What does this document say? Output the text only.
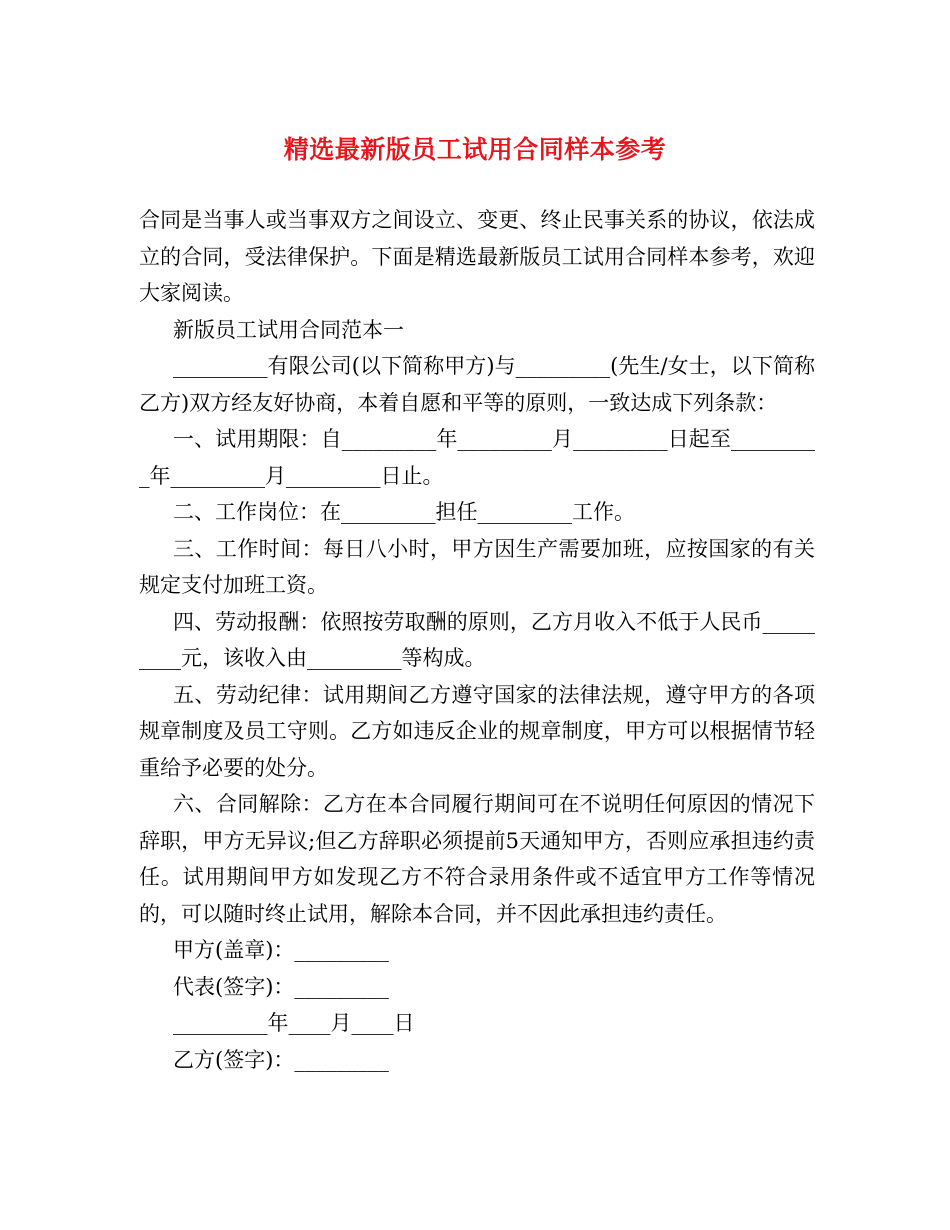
精选最新版员工试用合同样本参考

合同是当事人或当事双方之间设立、变更、终止民事关系的协议，依法成立的合同，受法律保护。下面是精选最新版员工试用合同样本参考，欢迎大家阅读。

新版员工试用合同范本一

_________有限公司(以下简称甲方)与_________(先生/女士，以下简称乙方)双方经友好协商，本着自愿和平等的原则，一致达成下列条款：

一、试用期限：自_________年_________月_________日起至_________年_________月_________日止。

二、工作岗位：在_________担任_________工作。

三、工作时间：每日八小时，甲方因生产需要加班，应按国家的有关规定支付加班工资。

四、劳动报酬：依照按劳取酬的原则，乙方月收入不低于人民币_________元，该收入由_________等构成。

五、劳动纪律：试用期间乙方遵守国家的法律法规，遵守甲方的各项规章制度及员工守则。乙方如违反企业的规章制度，甲方可以根据情节轻重给予必要的处分。

六、合同解除：乙方在本合同履行期间可在不说明任何原因的情况下辞职，甲方无异议;但乙方辞职必须提前5天通知甲方，否则应承担违约责任。试用期间甲方如发现乙方不符合录用条件或不适宜甲方工作等情况的，可以随时终止试用，解除本合同，并不因此承担违约责任。

甲方(盖章)：_________

代表(签字)：_________

_________年____月____日

乙方(签字)：_________
